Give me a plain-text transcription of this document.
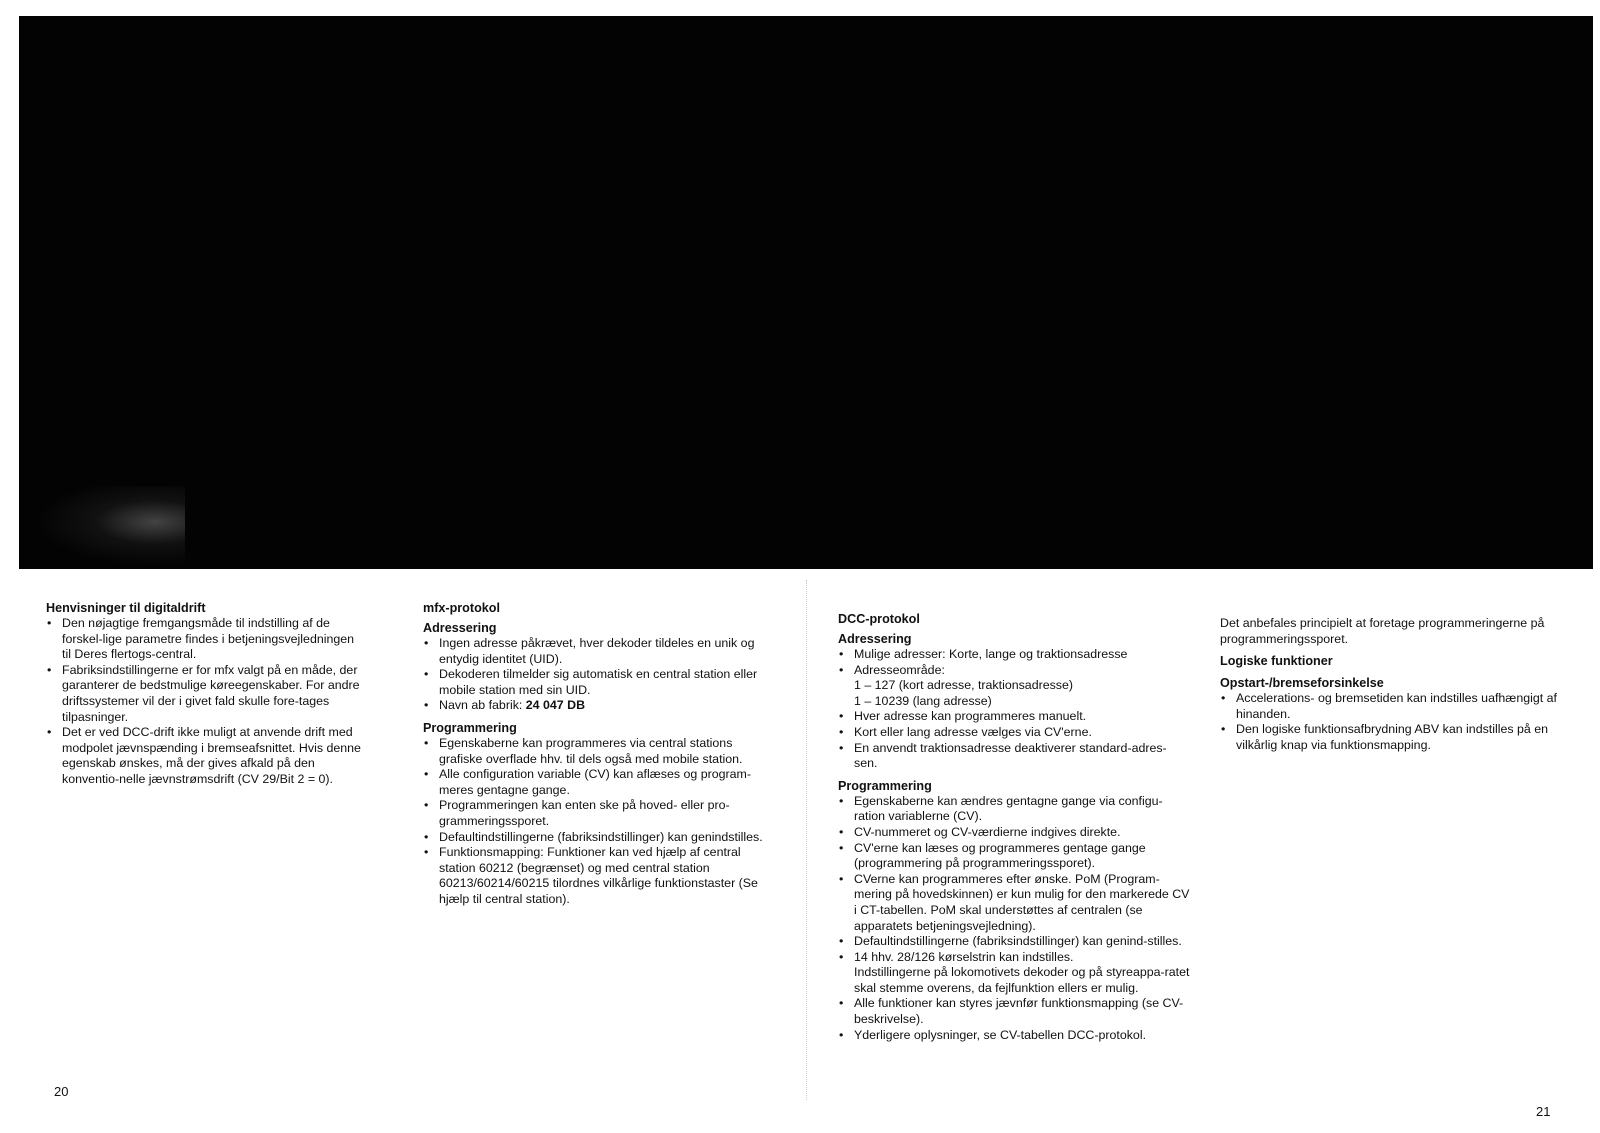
Henvisninger til digitaldrift
• Den nøjagtige fremgangsmåde til indstilling af de forskel-lige parametre findes i betjeningsvejledningen til Deres flertogs-central.
• Fabriksindstillingerne er for mfx valgt på en måde, der garanterer de bedstmulige køreegenskaber. For andre driftssystemer vil der i givet fald skulle fore-tages tilpasninger.
• Det er ved DCC-drift ikke muligt at anvende drift med modpolet jævnspænding i bremseafsnittet. Hvis denne egenskab ønskes, må der gives afkald på den konventio-nelle jævnstrømsdrift (CV 29/Bit 2 = 0).
mfx-protokol
Adressering
• Ingen adresse påkrævet, hver dekoder tildeles en unik og entydig identitet (UID).
• Dekoderen tilmelder sig automatisk en central station eller mobile station med sin UID.
• Navn ab fabrik: 24 047 DB
Programmering
• Egenskaberne kan programmeres via central stations grafiske overflade hhv. til dels også med mobile station.
• Alle configuration variable (CV) kan aflæses og program-meres gentagne gange.
• Programmeringen kan enten ske på hoved- eller pro-grammeringssporet.
• Defaultindstillingerne (fabriksindstillinger) kan genindstilles.
• Funktionsmapping: Funktioner kan ved hjælp af central station 60212 (begrænset) og med central station 60213/60214/60215 tilordnes vilkårlige funktionstaster (Se hjælp til central station).
DCC-protokol
Adressering
• Mulige adresser: Korte, lange og traktionsadresse
• Adresseområde:
1 – 127 (kort adresse, traktionsadresse)
1 – 10239 (lang adresse)
• Hver adresse kan programmeres manuelt.
• Kort eller lang adresse vælges via CV'erne.
• En anvendt traktionsadresse deaktiverer standard-adres-sen.
Programmering
• Egenskaberne kan ændres gentagne gange via configu-ration variablerne (CV).
• CV-nummeret og CV-værdierne indgives direkte.
• CV'erne kan læses og programmeres gentage gange (programmering på programmeringssporet).
• CVerne kan programmeres efter ønske. PoM (Program-mering på hovedskinnen) er kun mulig for den markerede CV i CT-tabellen. PoM skal understøttes af centralen (se apparatets betjeningsvejledning).
• Defaultindstillingerne (fabriksindstillinger) kan genind-stilles.
• 14 hhv. 28/126 kørselstrin kan indstilles.
Indstillingerne på lokomotivets dekoder og på styreappa-ratet skal stemme overens, da fejlfunktion ellers er mulig.
• Alle funktioner kan styres jævnfør funktionsmapping (se CV-beskrivelse).
• Yderligere oplysninger, se CV-tabellen DCC-protokol.

Det anbefales principielt at foretage programmeringerne på programmeringssporet.

Logiske funktioner
Opstart-/bremseforsinkelse
• Accelerations- og bremsetiden kan indstilles uafhængigt af hinanden.
• Den logiske funktionsafbrydning ABV kan indstilles på en vilkårlig knap via funktionsmapping.
20
21
